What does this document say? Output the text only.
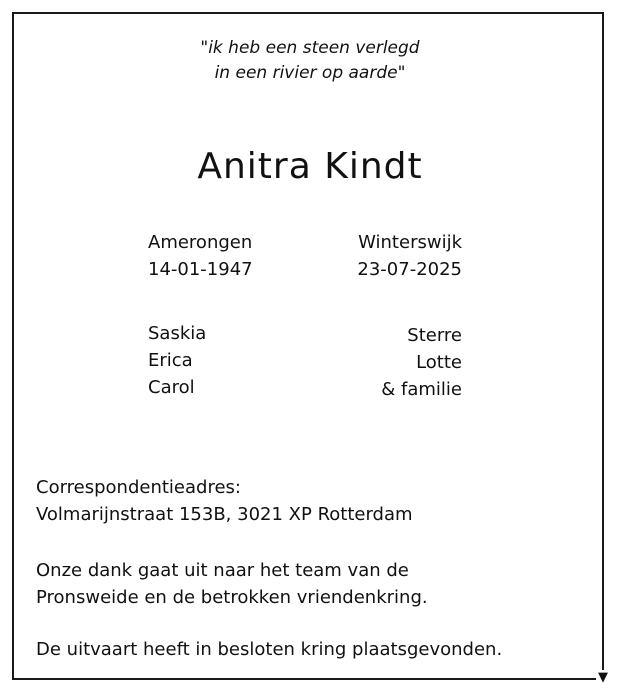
▼
"ik heb een steen verlegd
in een rivier op aarde"
Anitra Kindt
Amerongen
14-01-1947
Winterswijk
23-07-2025
Saskia
Erica
Carol
Sterre
Lotte
& familie
Correspondentieadres:
Volmarijnstraat 153B, 3021 XP Rotterdam
Onze dank gaat uit naar het team van de
Pronsweide en de betrokken vriendenkring.
De uitvaart heeft in besloten kring plaatsgevonden.
